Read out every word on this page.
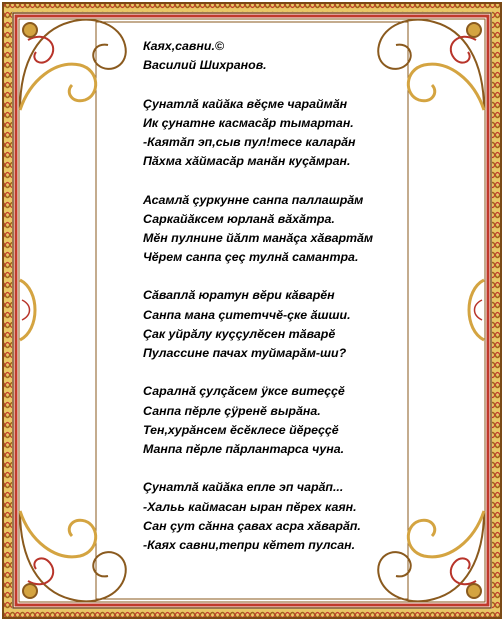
Каях,савни.©
Василий Шихранов.
Çунатлă кайăка вĕçме чараймăн
Ик çунатне касмасăр тымартан.
-Каятăп эп,сыв пул!тесе каларăн
Пăхма хăймасăр манăн куçăмран.
Асамлă çуркунне санпа паллашрăм
Саркайăксем юрланă вăхăтра.
Мĕн пулнине йăлт манăça хăвартăм
Чĕрем санпа çеç тулнă самантра.
Сăваплă юратун вĕри кăварĕн
Санпа мана çитетччĕ-çке ăшши.
Çак уйрăлу куççулĕсен тăварĕ
Пулассине пачах туймарăм-ши?
Саралнă çулçăсем ÿксе витеççĕ
Санпа пĕрле çÿренĕ вырăна.
Тен,хурăнсем ĕсĕклесе йĕреççĕ
Манпа пĕрле пăрлантарса чуна.
Çунатлă кайăка епле эп чарăп...
-Хальь каймасан ыран пĕрех каян.
Сан çут сăнна çавах асра хăварăп.
-Каях савни,тепри кĕтет пулсан.
